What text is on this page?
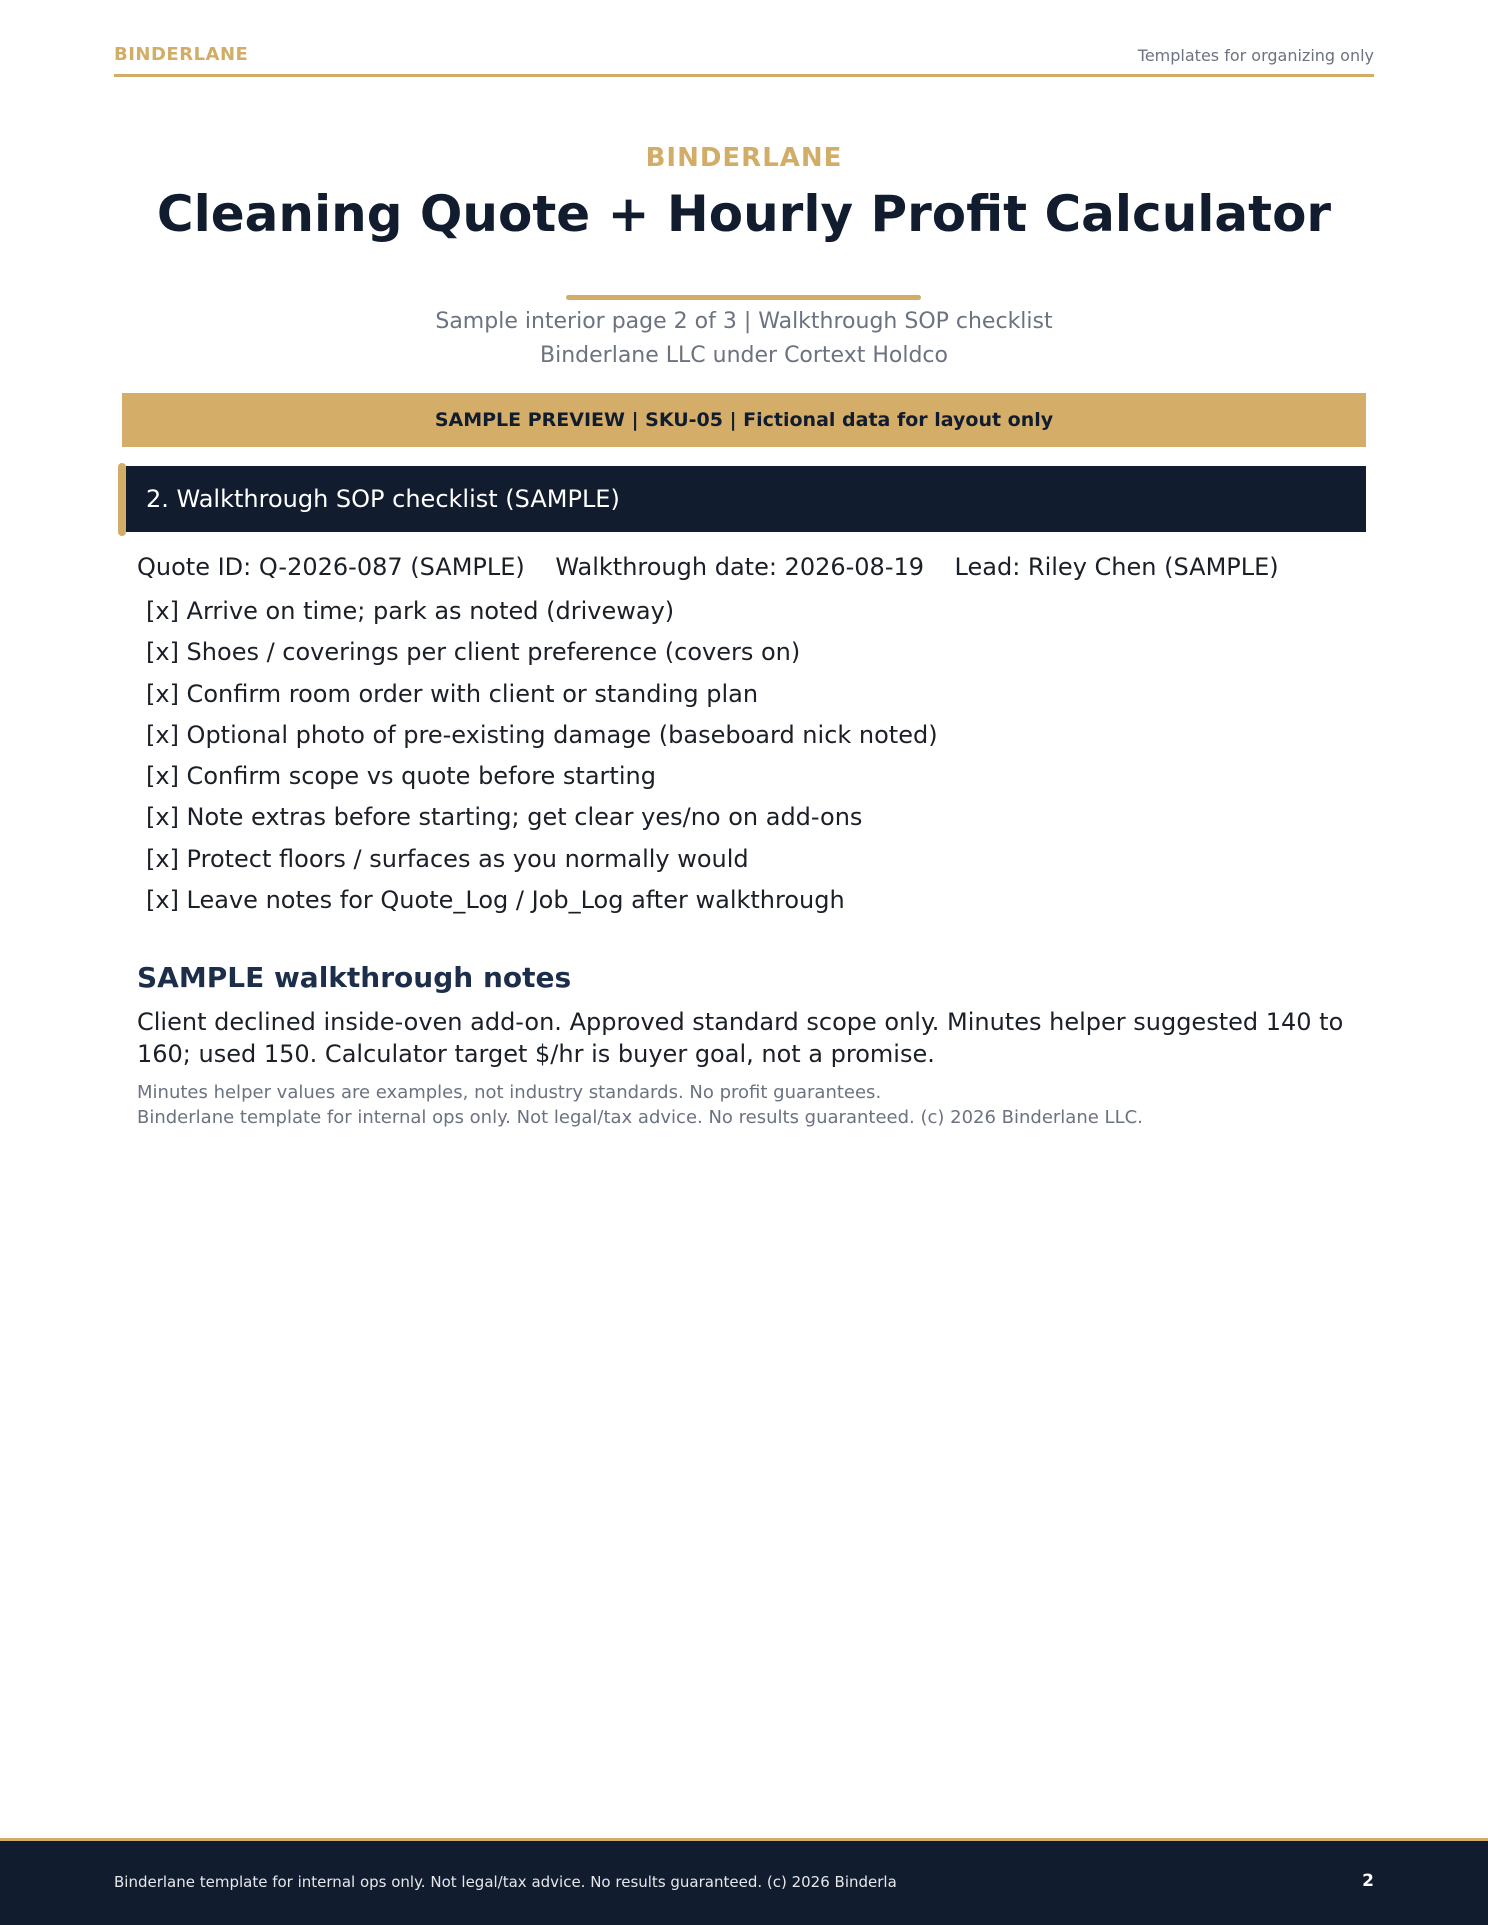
BINDERLANE	Templates for organizing only
BINDERLANE
Cleaning Quote + Hourly Profit Calculator
Sample interior page 2 of 3 | Walkthrough SOP checklist
Binderlane LLC under Cortext Holdco
SAMPLE PREVIEW | SKU-05 | Fictional data for layout only
2. Walkthrough SOP checklist (SAMPLE)
Quote ID: Q-2026-087 (SAMPLE) Walkthrough date: 2026-08-19 Lead: Riley Chen (SAMPLE)
[x] Arrive on time; park as noted (driveway)
[x] Shoes / coverings per client preference (covers on)
[x] Confirm room order with client or standing plan
[x] Optional photo of pre-existing damage (baseboard nick noted)
[x] Confirm scope vs quote before starting
[x] Note extras before starting; get clear yes/no on add-ons
[x] Protect floors / surfaces as you normally would
[x] Leave notes for Quote_Log / Job_Log after walkthrough
SAMPLE walkthrough notes
Client declined inside-oven add-on. Approved standard scope only. Minutes helper suggested 140 to 160; used 150. Calculator target $/hr is buyer goal, not a promise.
Minutes helper values are examples, not industry standards. No profit guarantees.
Binderlane template for internal ops only. Not legal/tax advice. No results guaranteed. (c) 2026 Binderlane LLC.
Binderlane template for internal ops only. Not legal/tax advice. No results guaranteed. (c) 2026 Binderla	2
